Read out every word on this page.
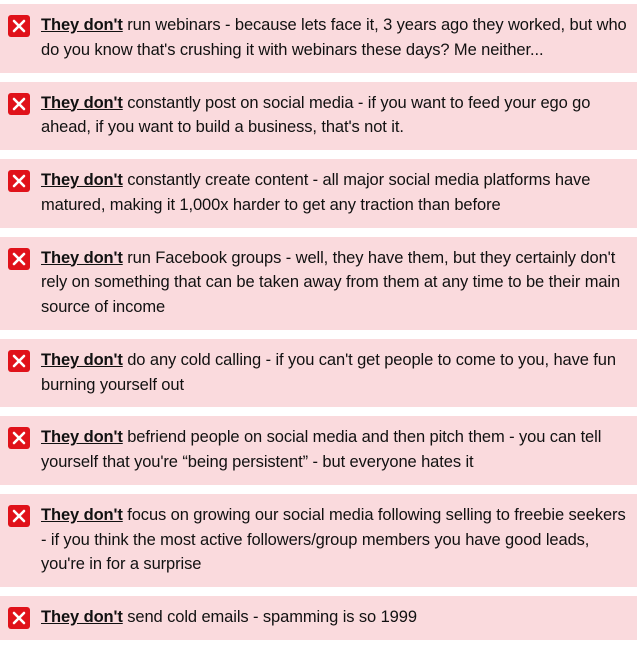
They don't run webinars - because lets face it, 3 years ago they worked, but who do you know that's crushing it with webinars these days? Me neither...
They don't constantly post on social media - if you want to feed your ego go ahead, if you want to build a business, that's not it.
They don't constantly create content - all major social media platforms have matured, making it 1,000x harder to get any traction than before
They don't run Facebook groups - well, they have them, but they certainly don't rely on something that can be taken away from them at any time to be their main source of income
They don't do any cold calling - if you can't get people to come to you, have fun burning yourself out
They don't befriend people on social media and then pitch them - you can tell yourself that you're “being persistent” - but everyone hates it
They don't focus on growing our social media following selling to freebie seekers - if you think the most active followers/group members you have good leads, you're in for a surprise
They don't send cold emails - spamming is so 1999
